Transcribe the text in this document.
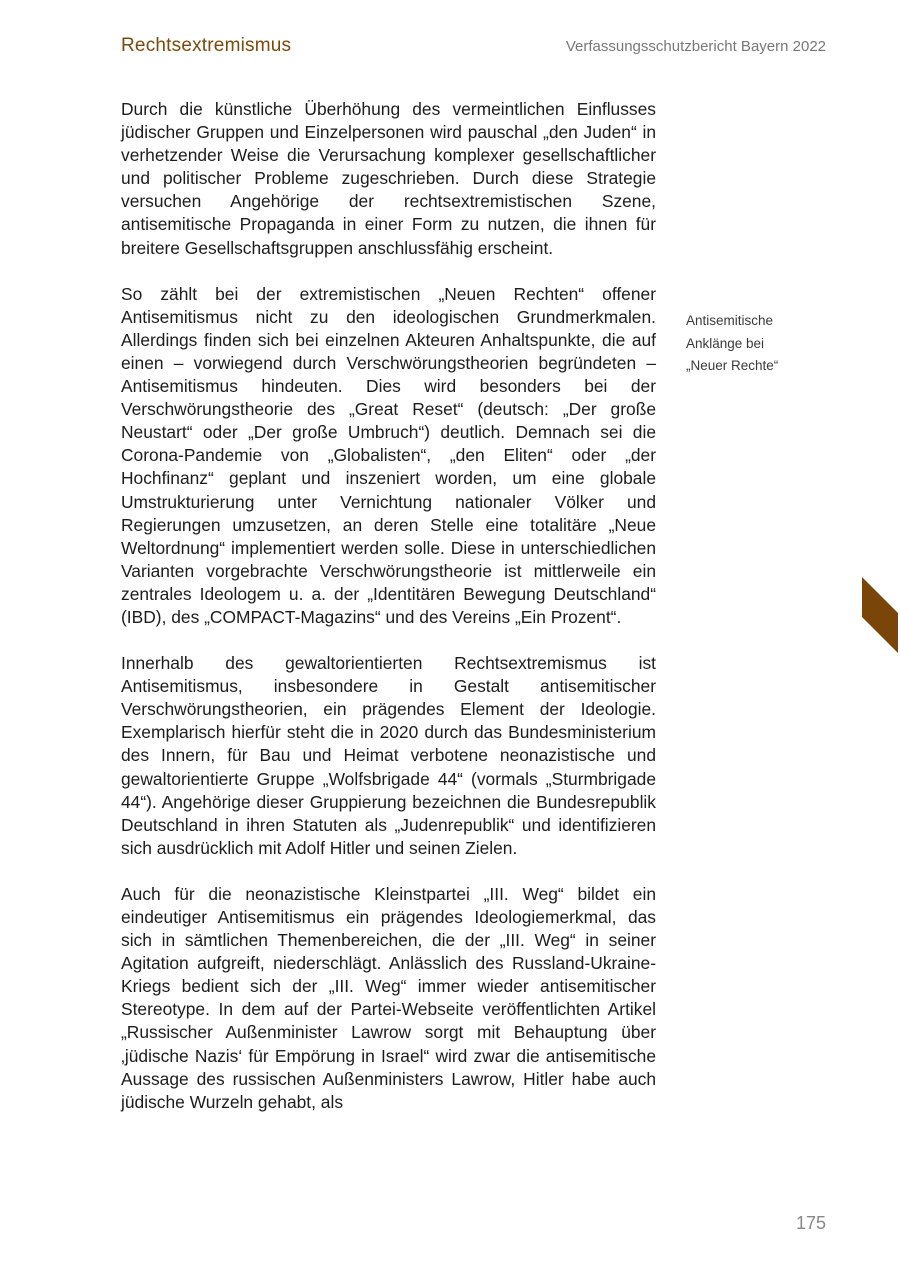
Rechtsextremismus	Verfassungsschutzbericht Bayern 2022

Durch die künstliche Überhöhung des vermeintlichen Einflusses jüdischer Gruppen und Einzelpersonen wird pauschal „den Juden“ in verhetzender Weise die Verursachung komplexer gesellschaftlicher und politischer Probleme zugeschrieben. Durch diese Strategie versuchen Angehörige der rechtsextremistischen Szene, antisemitische Propaganda in einer Form zu nutzen, die ihnen für breitere Gesellschaftsgruppen anschlussfähig erscheint.

So zählt bei der extremistischen „Neuen Rechten“ offener Antisemitismus nicht zu den ideologischen Grundmerkmalen. Allerdings finden sich bei einzelnen Akteuren Anhaltspunkte, die auf einen – vorwiegend durch Verschwörungstheorien begründeten – Antisemitismus hindeuten. Dies wird besonders bei der Verschwörungstheorie des „Great Reset“ (deutsch: „Der große Neustart“ oder „Der große Umbruch“) deutlich. Demnach sei die Corona-Pandemie von „Globalisten“, „den Eliten“ oder „der Hochfinanz“ geplant und inszeniert worden, um eine globale Umstrukturierung unter Vernichtung nationaler Völker und Regierungen umzusetzen, an deren Stelle eine totalitäre „Neue Weltordnung“ implementiert werden solle. Diese in unterschiedlichen Varianten vorgebrachte Verschwörungstheorie ist mittlerweile ein zentrales Ideologem u. a. der „Identitären Bewegung Deutschland“ (IBD), des „COMPACT-Magazins“ und des Vereins „Ein Prozent“.

Innerhalb des gewaltorientierten Rechtsextremismus ist Antisemitismus, insbesondere in Gestalt antisemitischer Verschwörungstheorien, ein prägendes Element der Ideologie. Exemplarisch hierfür steht die in 2020 durch das Bundesministerium des Innern, für Bau und Heimat verbotene neonazistische und gewaltorientierte Gruppe „Wolfsbrigade 44“ (vormals „Sturmbrigade 44“). Angehörige dieser Gruppierung bezeichnen die Bundesrepublik Deutschland in ihren Statuten als „Judenrepublik“ und identifizieren sich ausdrücklich mit Adolf Hitler und seinen Zielen.

Auch für die neonazistische Kleinstpartei „III. Weg“ bildet ein eindeutiger Antisemitismus ein prägendes Ideologiemerkmal, das sich in sämtlichen Themenbereichen, die der „III. Weg“ in seiner Agitation aufgreift, niederschlägt. Anlässlich des Russland-Ukraine-Kriegs bedient sich der „III. Weg“ immer wieder antisemitischer Stereotype. In dem auf der Partei-Webseite veröffentlichten Artikel „Russischer Außenminister Lawrow sorgt mit Behauptung über ‚jüdische Nazis‘ für Empörung in Israel“ wird zwar die antisemitische Aussage des russischen Außenministers Lawrow, Hitler habe auch jüdische Wurzeln gehabt, als

Antisemitische
Anklänge bei
„Neuer Rechte“
175
